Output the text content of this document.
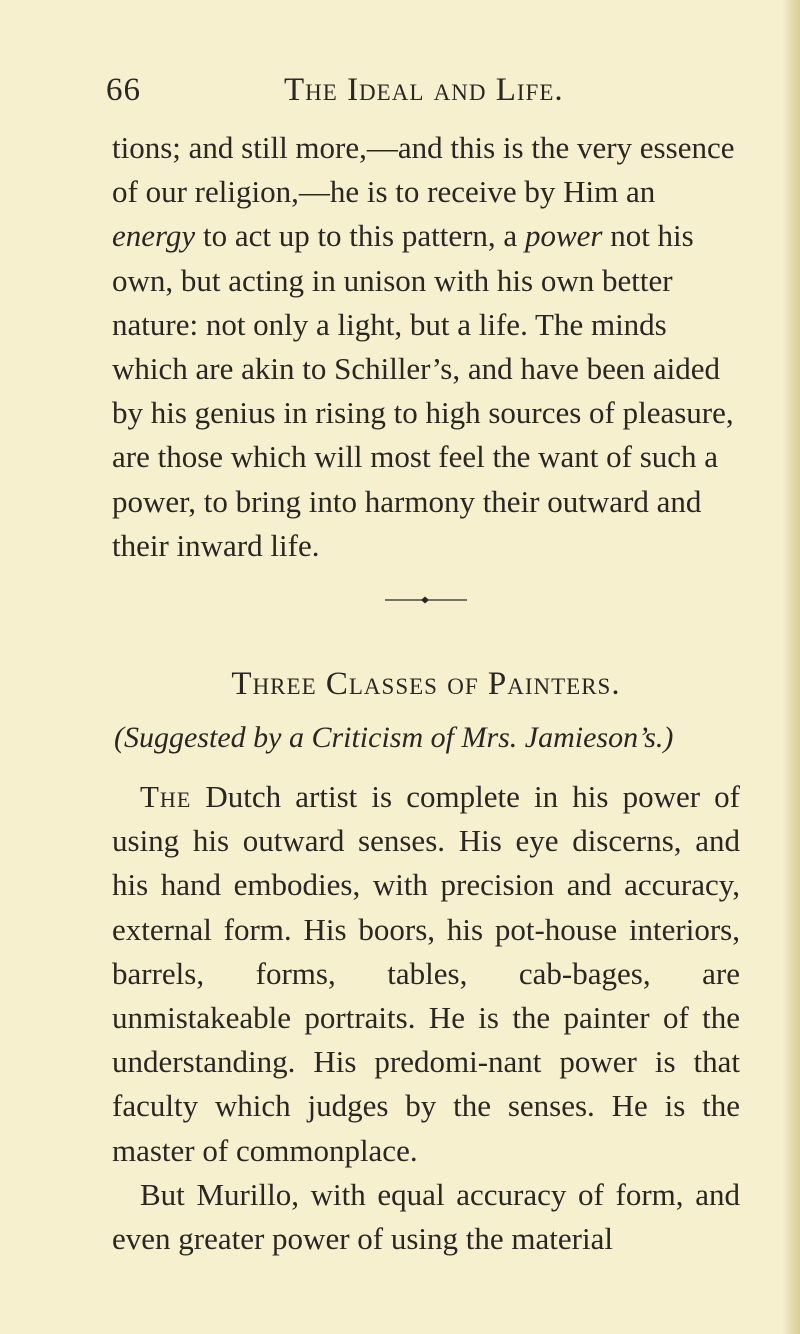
66	The Ideal and Life.

tions; and still more,—and this is the very essence of our religion,—he is to receive by Him an energy to act up to this pattern, a power not his own, but acting in unison with his own better nature: not only a light, but a life. The minds which are akin to Schiller’s, and have been aided by his genius in rising to high sources of pleasure, are those which will most feel the want of such a power, to bring into harmony their outward and their inward life.

Three Classes of Painters.
(Suggested by a Criticism of Mrs. Jamieson’s.)

The Dutch artist is complete in his power of using his outward senses. His eye discerns, and his hand embodies, with precision and accuracy, external form. His boors, his pot-house interiors, barrels, forms, tables, cab-bages, are unmistakeable portraits. He is the painter of the understanding. His predomi-nant power is that faculty which judges by the senses. He is the master of commonplace.

But Murillo, with equal accuracy of form, and even greater power of using the material
